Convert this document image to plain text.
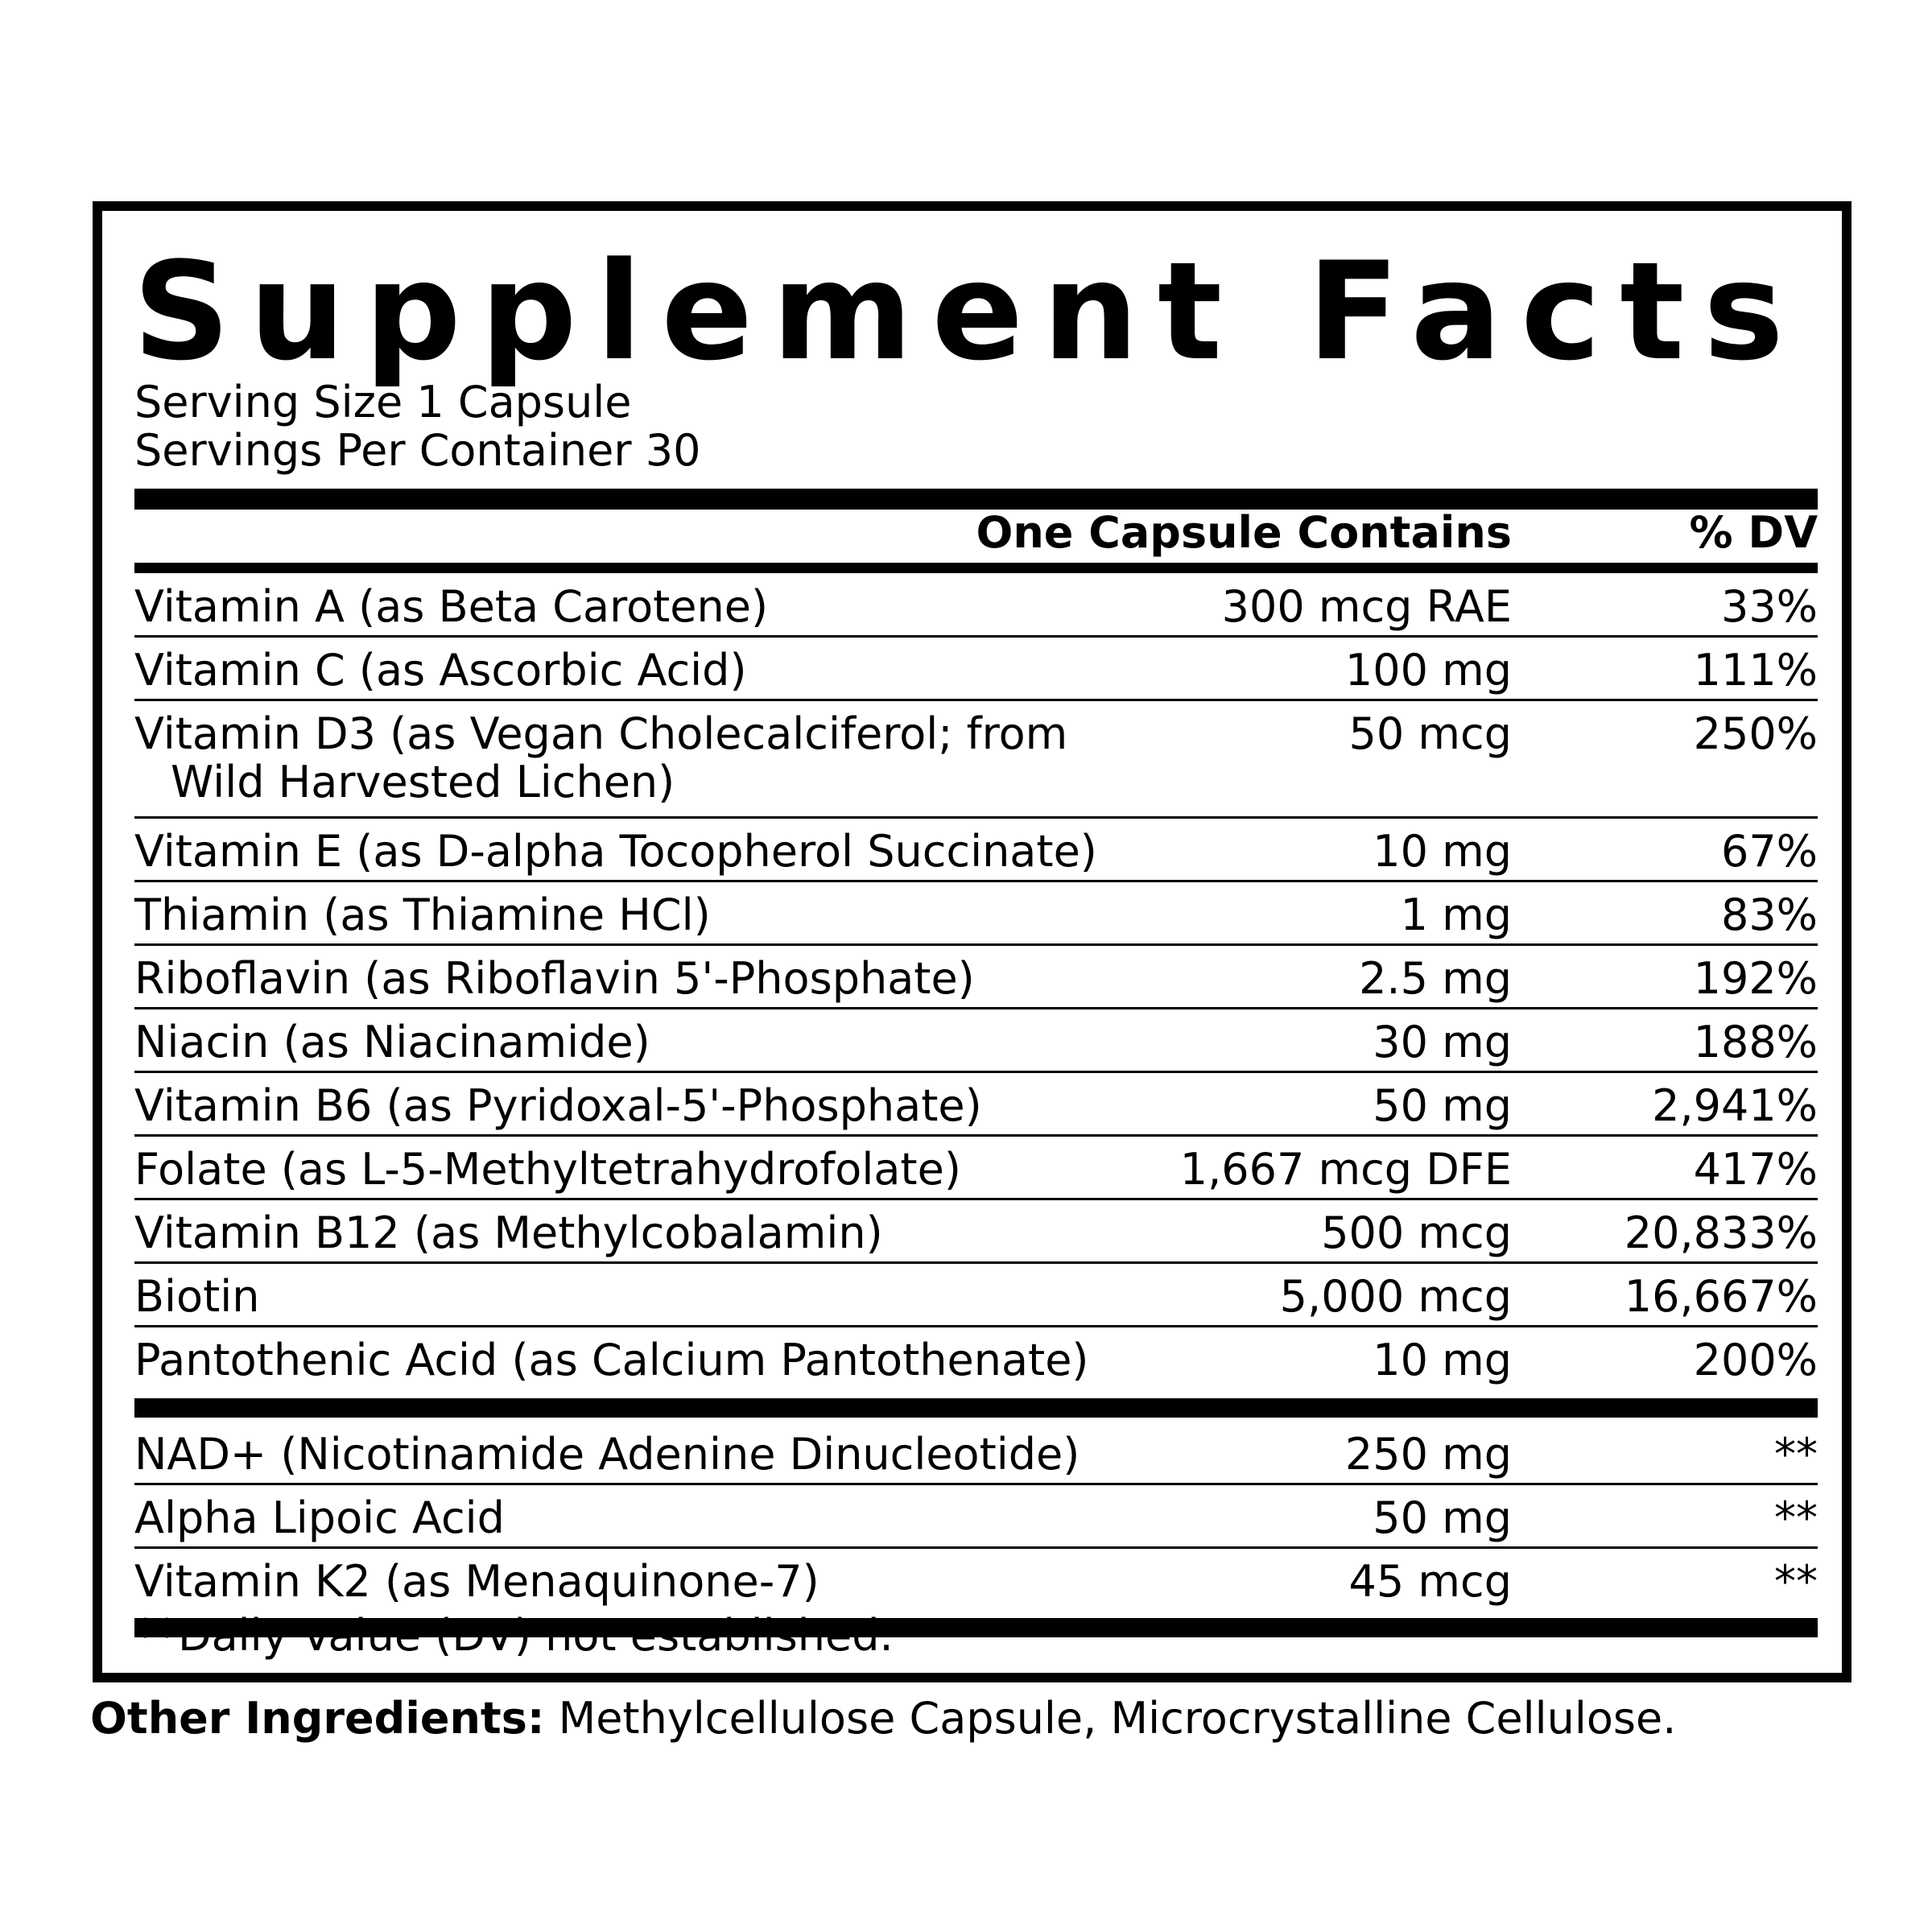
Supplement Facts
Serving Size 1 Capsule
Servings Per Container 30
One Capsule Contains	% DV
Vitamin A (as Beta Carotene)	300 mcg RAE	33%
Vitamin C (as Ascorbic Acid)	100 mg	111%
Vitamin D3 (as Vegan Cholecalciferol; from
Wild Harvested Lichen)
50 mcg	250%
Vitamin E (as D-alpha Tocopherol Succinate)	10 mg	67%
Thiamin (as Thiamine HCl)	1 mg	83%
Riboflavin (as Riboflavin 5'-Phosphate)	2.5 mg	192%
Niacin (as Niacinamide)	30 mg	188%
Vitamin B6 (as Pyridoxal-5'-Phosphate)	50 mg	2,941%
Folate (as L-5-Methyltetrahydrofolate)	1,667 mcg DFE	417%
Vitamin B12 (as Methylcobalamin)	500 mcg	20,833%
Biotin	5,000 mcg	16,667%
Pantothenic Acid (as Calcium Pantothenate)	10 mg	200%
NAD+ (Nicotinamide Adenine Dinucleotide)	250 mg	**
Alpha Lipoic Acid	50 mg	**
Vitamin K2 (as Menaquinone-7)	45 mcg	**
**Daily Value (DV) not established.
Other Ingredients: Methylcellulose Capsule, Microcrystalline Cellulose.
